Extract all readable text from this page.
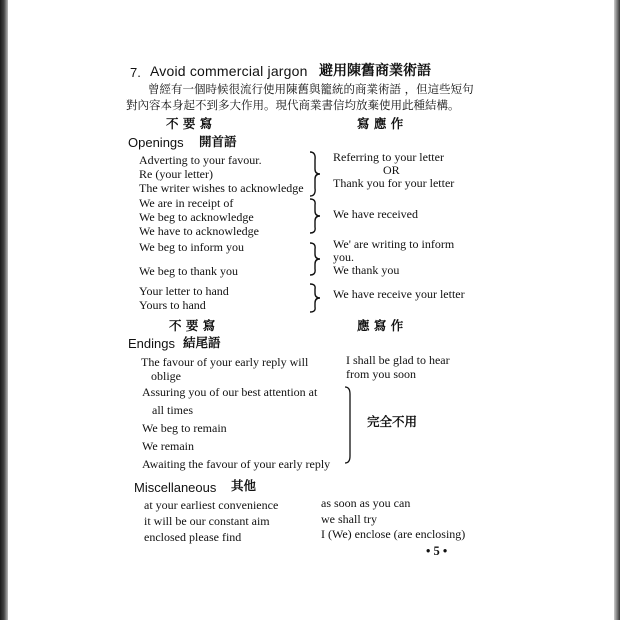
7. Avoid commercial jargon 避用陳舊商業術語
曾經有一個時候很流行使用陳舊與籠統的商業術語 ，但這些短句
對內容本身起不到多大作用。現代商業書信均放棄使用此種結構。
不 要 寫	寫 應 作
Openings 開首語
Adverting to your favour.
Re (your letter)
The writer wishes to acknowledge
Referring to your letter
OR
Thank you for your letter
We are in receipt of
We beg to acknowledge
We have to acknowledge
We have received
We beg to inform you
We beg to thank you
We' are writing to inform
you.
We thank you
Your letter to hand
Yours to hand
We have receive your letter
不 要 寫	應 寫 作
Endings 結尾語
The favour of your early reply will
oblige
Assuring you of our best attention at
all times
We beg to remain
We remain
Awaiting the favour of your early reply
I shall be glad to hear
from you soon
完全不用
Miscellaneous 其他
at your earliest convenience
it will be our constant aim
enclosed please find
as soon as you can
we shall try
I (We) enclose (are enclosing)
• 5 •
